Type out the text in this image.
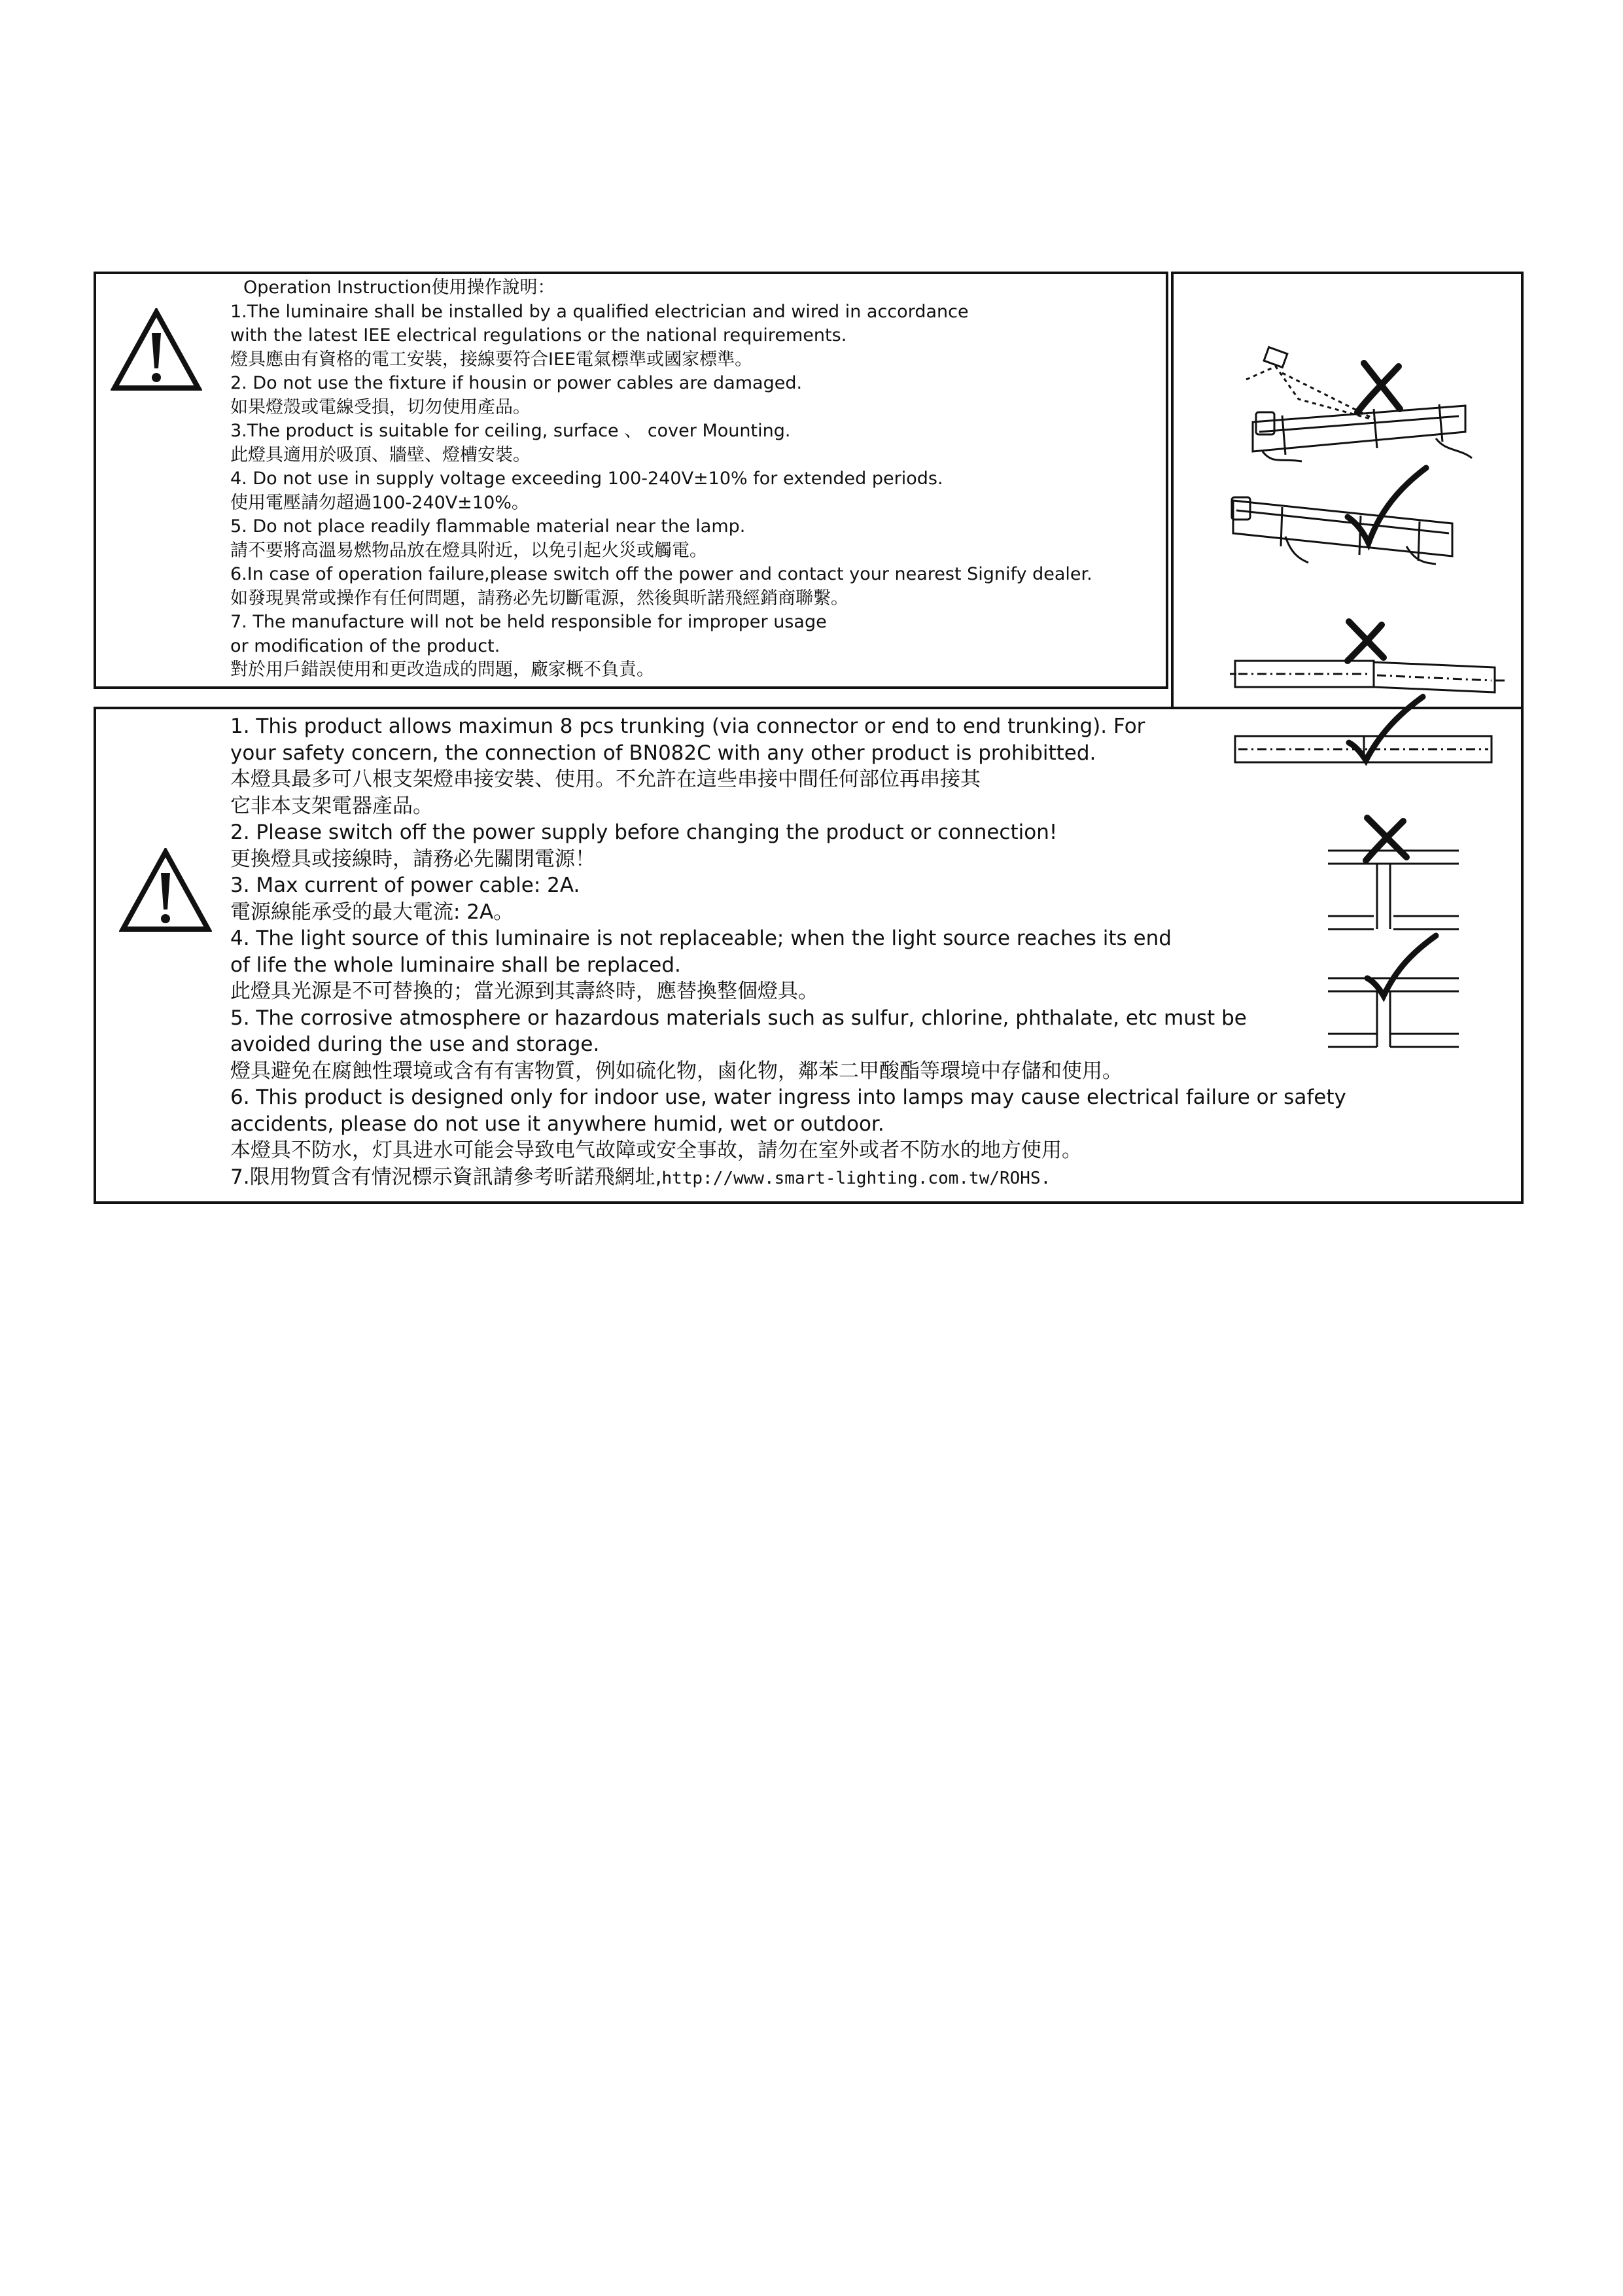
Operation Instruction使用操作說明：
1.The luminaire shall be installed by a qualified electrician and wired in accordance
with the latest IEE electrical regulations or the national requirements.
燈具應由有資格的電工安裝，接線要符合IEE電氣標準或國家標準。
2. Do not use the fixture if housin or power cables are damaged.
如果燈殼或電線受損，切勿使用產品。
3.The product is suitable for ceiling, surface 、 cover Mounting.
此燈具適用於吸頂、牆壁、燈槽安裝。
4. Do not use in supply voltage exceeding 100-240V±10% for extended periods.
使用電壓請勿超過100-240V±10%。
5. Do not place readily flammable material near the lamp.
請不要將高溫易燃物品放在燈具附近，以免引起火災或觸電。
6.In case of operation failure,please switch off the power and contact your nearest Signify dealer.
如發現異常或操作有任何問題，請務必先切斷電源，然後與昕諾飛經銷商聯繫。
7. The manufacture will not be held responsible for improper usage
or modification of the product.
對於用戶錯誤使用和更改造成的問題，廠家概不負責。
1. This product allows maximun 8 pcs trunking (via connector or end to end trunking). For
your safety concern, the connection of BN082C with any other product is prohibitted.
本燈具最多可八根支架燈串接安裝、使用。不允許在這些串接中間任何部位再串接其
它非本支架電器產品。
2. Please switch off the power supply before changing the product or connection!
更換燈具或接線時，請務必先關閉電源！
3. Max current of power cable: 2A.
電源線能承受的最大電流: 2A。
4. The light source of this luminaire is not replaceable; when the light source reaches its end
of life the whole luminaire shall be replaced.
此燈具光源是不可替換的；當光源到其壽終時，應替換整個燈具。
5. The corrosive atmosphere or hazardous materials such as sulfur, chlorine, phthalate, etc must be
avoided during the use and storage.
燈具避免在腐蝕性環境或含有有害物質，例如硫化物，鹵化物，鄰苯二甲酸酯等環境中存儲和使用。
6. This product is designed only for indoor use, water ingress into lamps may cause electrical failure or safety
accidents, please do not use it anywhere humid, wet or outdoor.
本燈具不防水，灯具进水可能会导致电气故障或安全事故，請勿在室外或者不防水的地方使用。
7.限用物質含有情況標示資訊請參考昕諾飛網址,http://www.smart-lighting.com.tw/ROHS.
